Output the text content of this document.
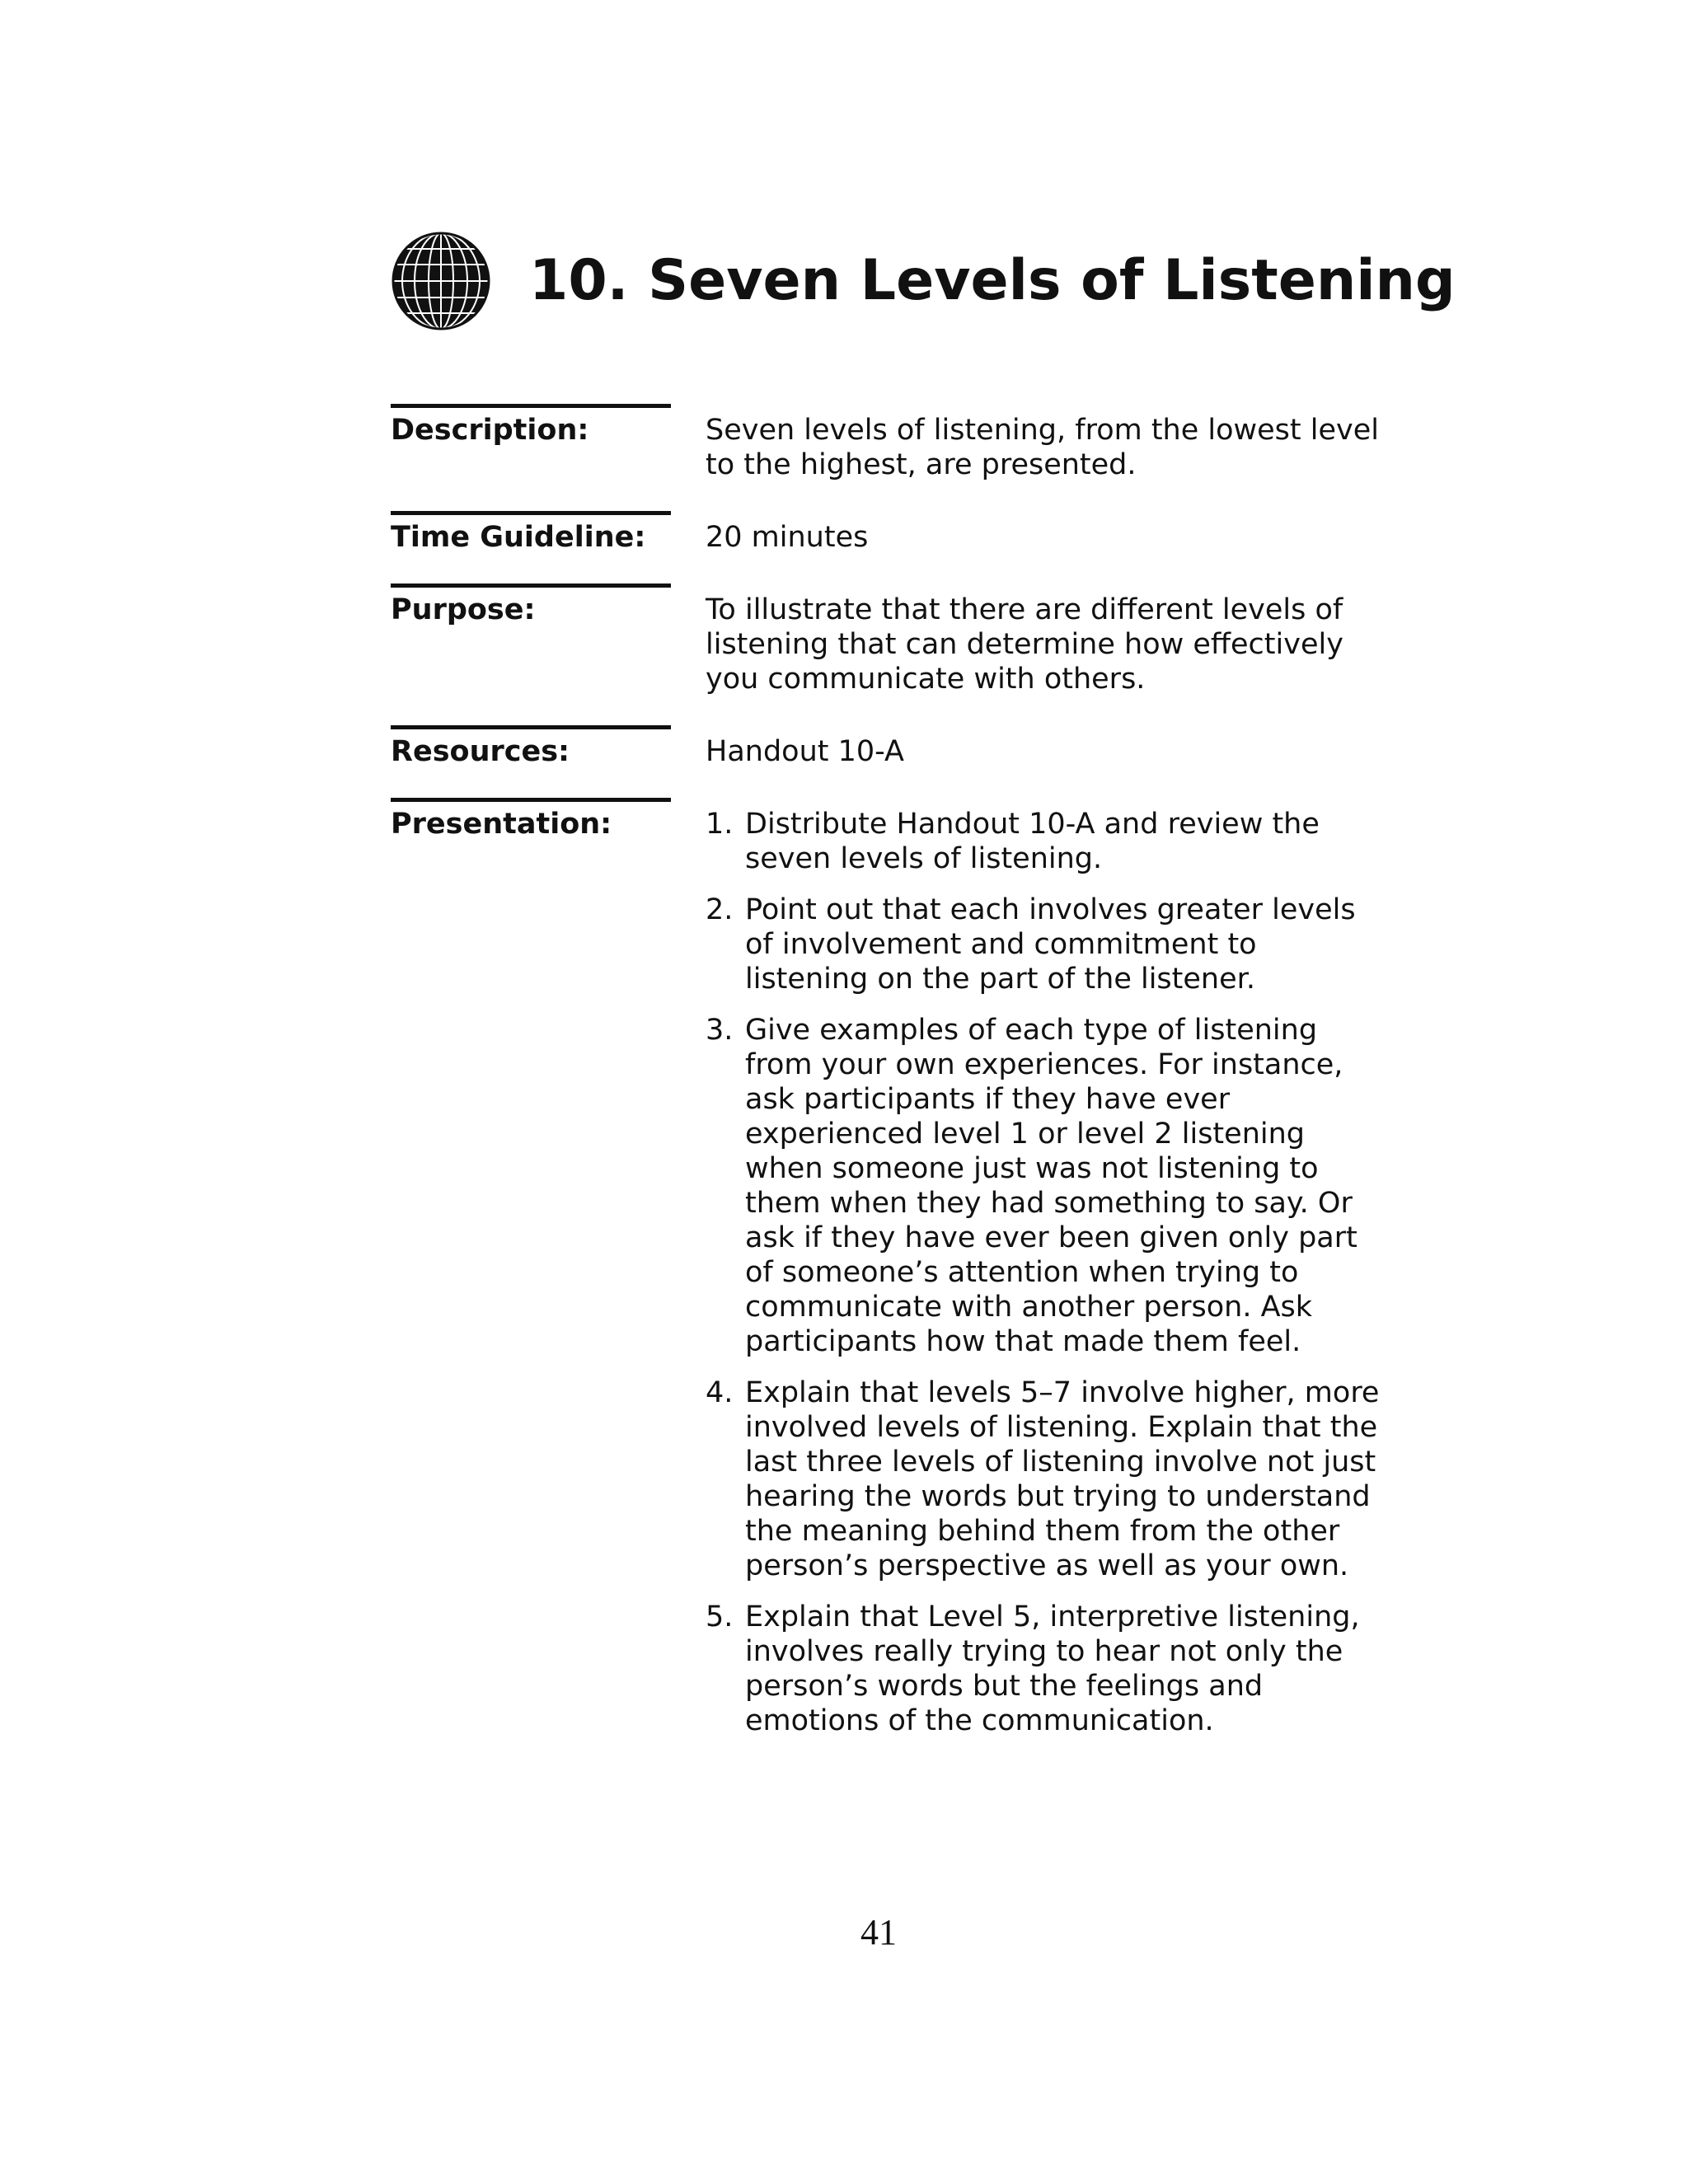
10. Seven Levels of Listening
Description:	Seven levels of listening, from the lowest level to the highest, are presented.

Time Guideline:	20 minutes

Purpose:	To illustrate that there are different levels of listening that can determine how effectively you communicate with others.

Resources:	Handout 10-A

Presentation:	1. Distribute Handout 10-A and review the seven levels of listening.
2. Point out that each involves greater levels of involvement and commitment to listening on the part of the listener.
3. Give examples of each type of listening from your own experiences. For instance, ask participants if they have ever experienced level 1 or level 2 listening when someone just was not listening to them when they had something to say. Or ask if they have ever been given only part of someone’s attention when trying to communicate with another person. Ask participants how that made them feel.
4. Explain that levels 5–7 involve higher, more involved levels of listening. Explain that the last three levels of listening involve not just hearing the words but trying to understand the meaning behind them from the other person’s perspective as well as your own.
5. Explain that Level 5, interpretive listening, involves really trying to hear not only the person’s words but the feelings and emotions of the communication.
41
